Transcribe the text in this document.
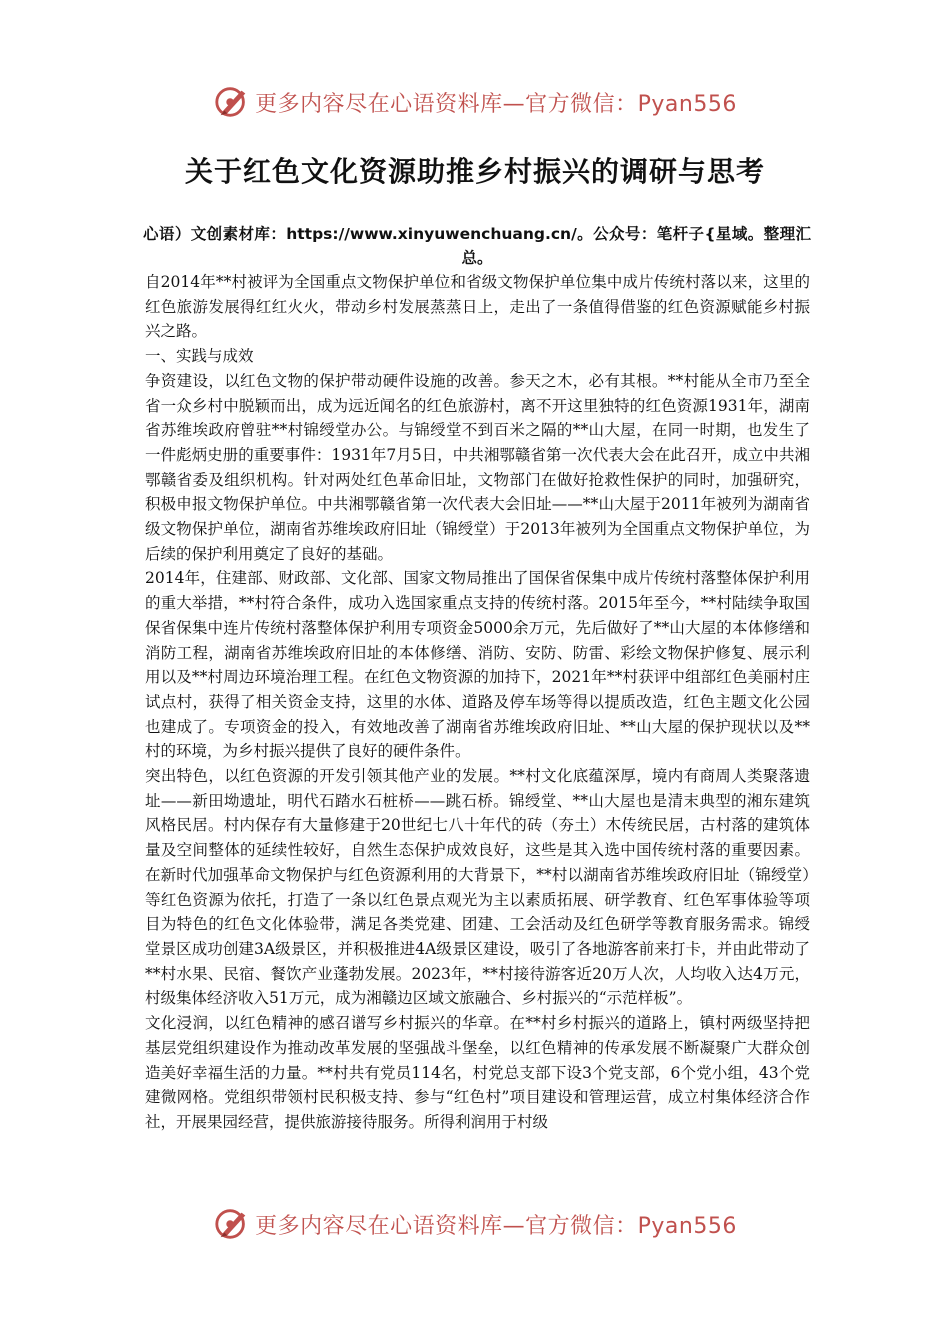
更多内容尽在心语资料库—官方微信：Pyan556
关于红色文化资源助推乡村振兴的调研与思考
心语）文创素材库：https://www.xinyuwenchuang.cn/。公众号：笔杆子{星域。整理汇总。

自2014年**村被评为全国重点文物保护单位和省级文物保护单位集中成片传统村落以来，这里的红色旅游发展得红红火火，带动乡村发展蒸蒸日上，走出了一条值得借鉴的红色资源赋能乡村振兴之路。

一、实践与成效

争资建设，以红色文物的保护带动硬件设施的改善。参天之木，必有其根。**村能从全市乃至全省一众乡村中脱颖而出，成为远近闻名的红色旅游村，离不开这里独特的红色资源1931年，湖南省苏维埃政府曾驻**村锦绶堂办公。与锦绶堂不到百米之隔的**山大屋，在同一时期，也发生了一件彪炳史册的重要事件：1931年7月5日，中共湘鄂赣省第一次代表大会在此召开，成立中共湘鄂赣省委及组织机构。针对两处红色革命旧址，文物部门在做好抢救性保护的同时，加强研究，积极申报文物保护单位。中共湘鄂赣省第一次代表大会旧址——**山大屋于2011年被列为湖南省级文物保护单位，湖南省苏维埃政府旧址（锦绶堂）于2013年被列为全国重点文物保护单位，为后续的保护利用奠定了良好的基础。

2014年，住建部、财政部、文化部、国家文物局推出了国保省保集中成片传统村落整体保护利用的重大举措，**村符合条件，成功入选国家重点支持的传统村落。2015年至今，**村陆续争取国保省保集中连片传统村落整体保护利用专项资金5000余万元，先后做好了**山大屋的本体修缮和消防工程，湖南省苏维埃政府旧址的本体修缮、消防、安防、防雷、彩绘文物保护修复、展示利用以及**村周边环境治理工程。在红色文物资源的加持下，2021年**村获评中组部红色美丽村庄试点村，获得了相关资金支持，这里的水体、道路及停车场等得以提质改造，红色主题文化公园也建成了。专项资金的投入，有效地改善了湖南省苏维埃政府旧址、**山大屋的保护现状以及**村的环境，为乡村振兴提供了良好的硬件条件。

突出特色，以红色资源的开发引领其他产业的发展。**村文化底蕴深厚，境内有商周人类聚落遗址——新田坳遗址，明代石踏水石桩桥——跳石桥。锦绶堂、**山大屋也是清末典型的湘东建筑风格民居。村内保存有大量修建于20世纪七八十年代的砖（夯土）木传统民居，古村落的建筑体量及空间整体的延续性较好，自然生态保护成效良好，这些是其入选中国传统村落的重要因素。在新时代加强革命文物保护与红色资源利用的大背景下，**村以湖南省苏维埃政府旧址（锦绶堂）等红色资源为依托，打造了一条以红色景点观光为主以素质拓展、研学教育、红色军事体验等项目为特色的红色文化体验带，满足各类党建、团建、工会活动及红色研学等教育服务需求。锦绶堂景区成功创建3A级景区，并积极推进4A级景区建设，吸引了各地游客前来打卡，并由此带动了**村水果、民宿、餐饮产业蓬勃发展。2023年，**村接待游客近20万人次，人均收入达4万元，村级集体经济收入51万元，成为湘赣边区域文旅融合、乡村振兴的“示范样板”。

文化浸润，以红色精神的感召谱写乡村振兴的华章。在**村乡村振兴的道路上，镇村两级坚持把基层党组织建设作为推动改革发展的坚强战斗堡垒，以红色精神的传承发展不断凝聚广大群众创造美好幸福生活的力量。**村共有党员114名，村党总支部下设3个党支部，6个党小组，43个党建微网格。党组织带领村民积极支持、参与“红色村”项目建设和管理运营，成立村集体经济合作社，开展果园经营，提供旅游接待服务。所得利润用于村级

更多内容尽在心语资料库—官方微信：Pyan556
